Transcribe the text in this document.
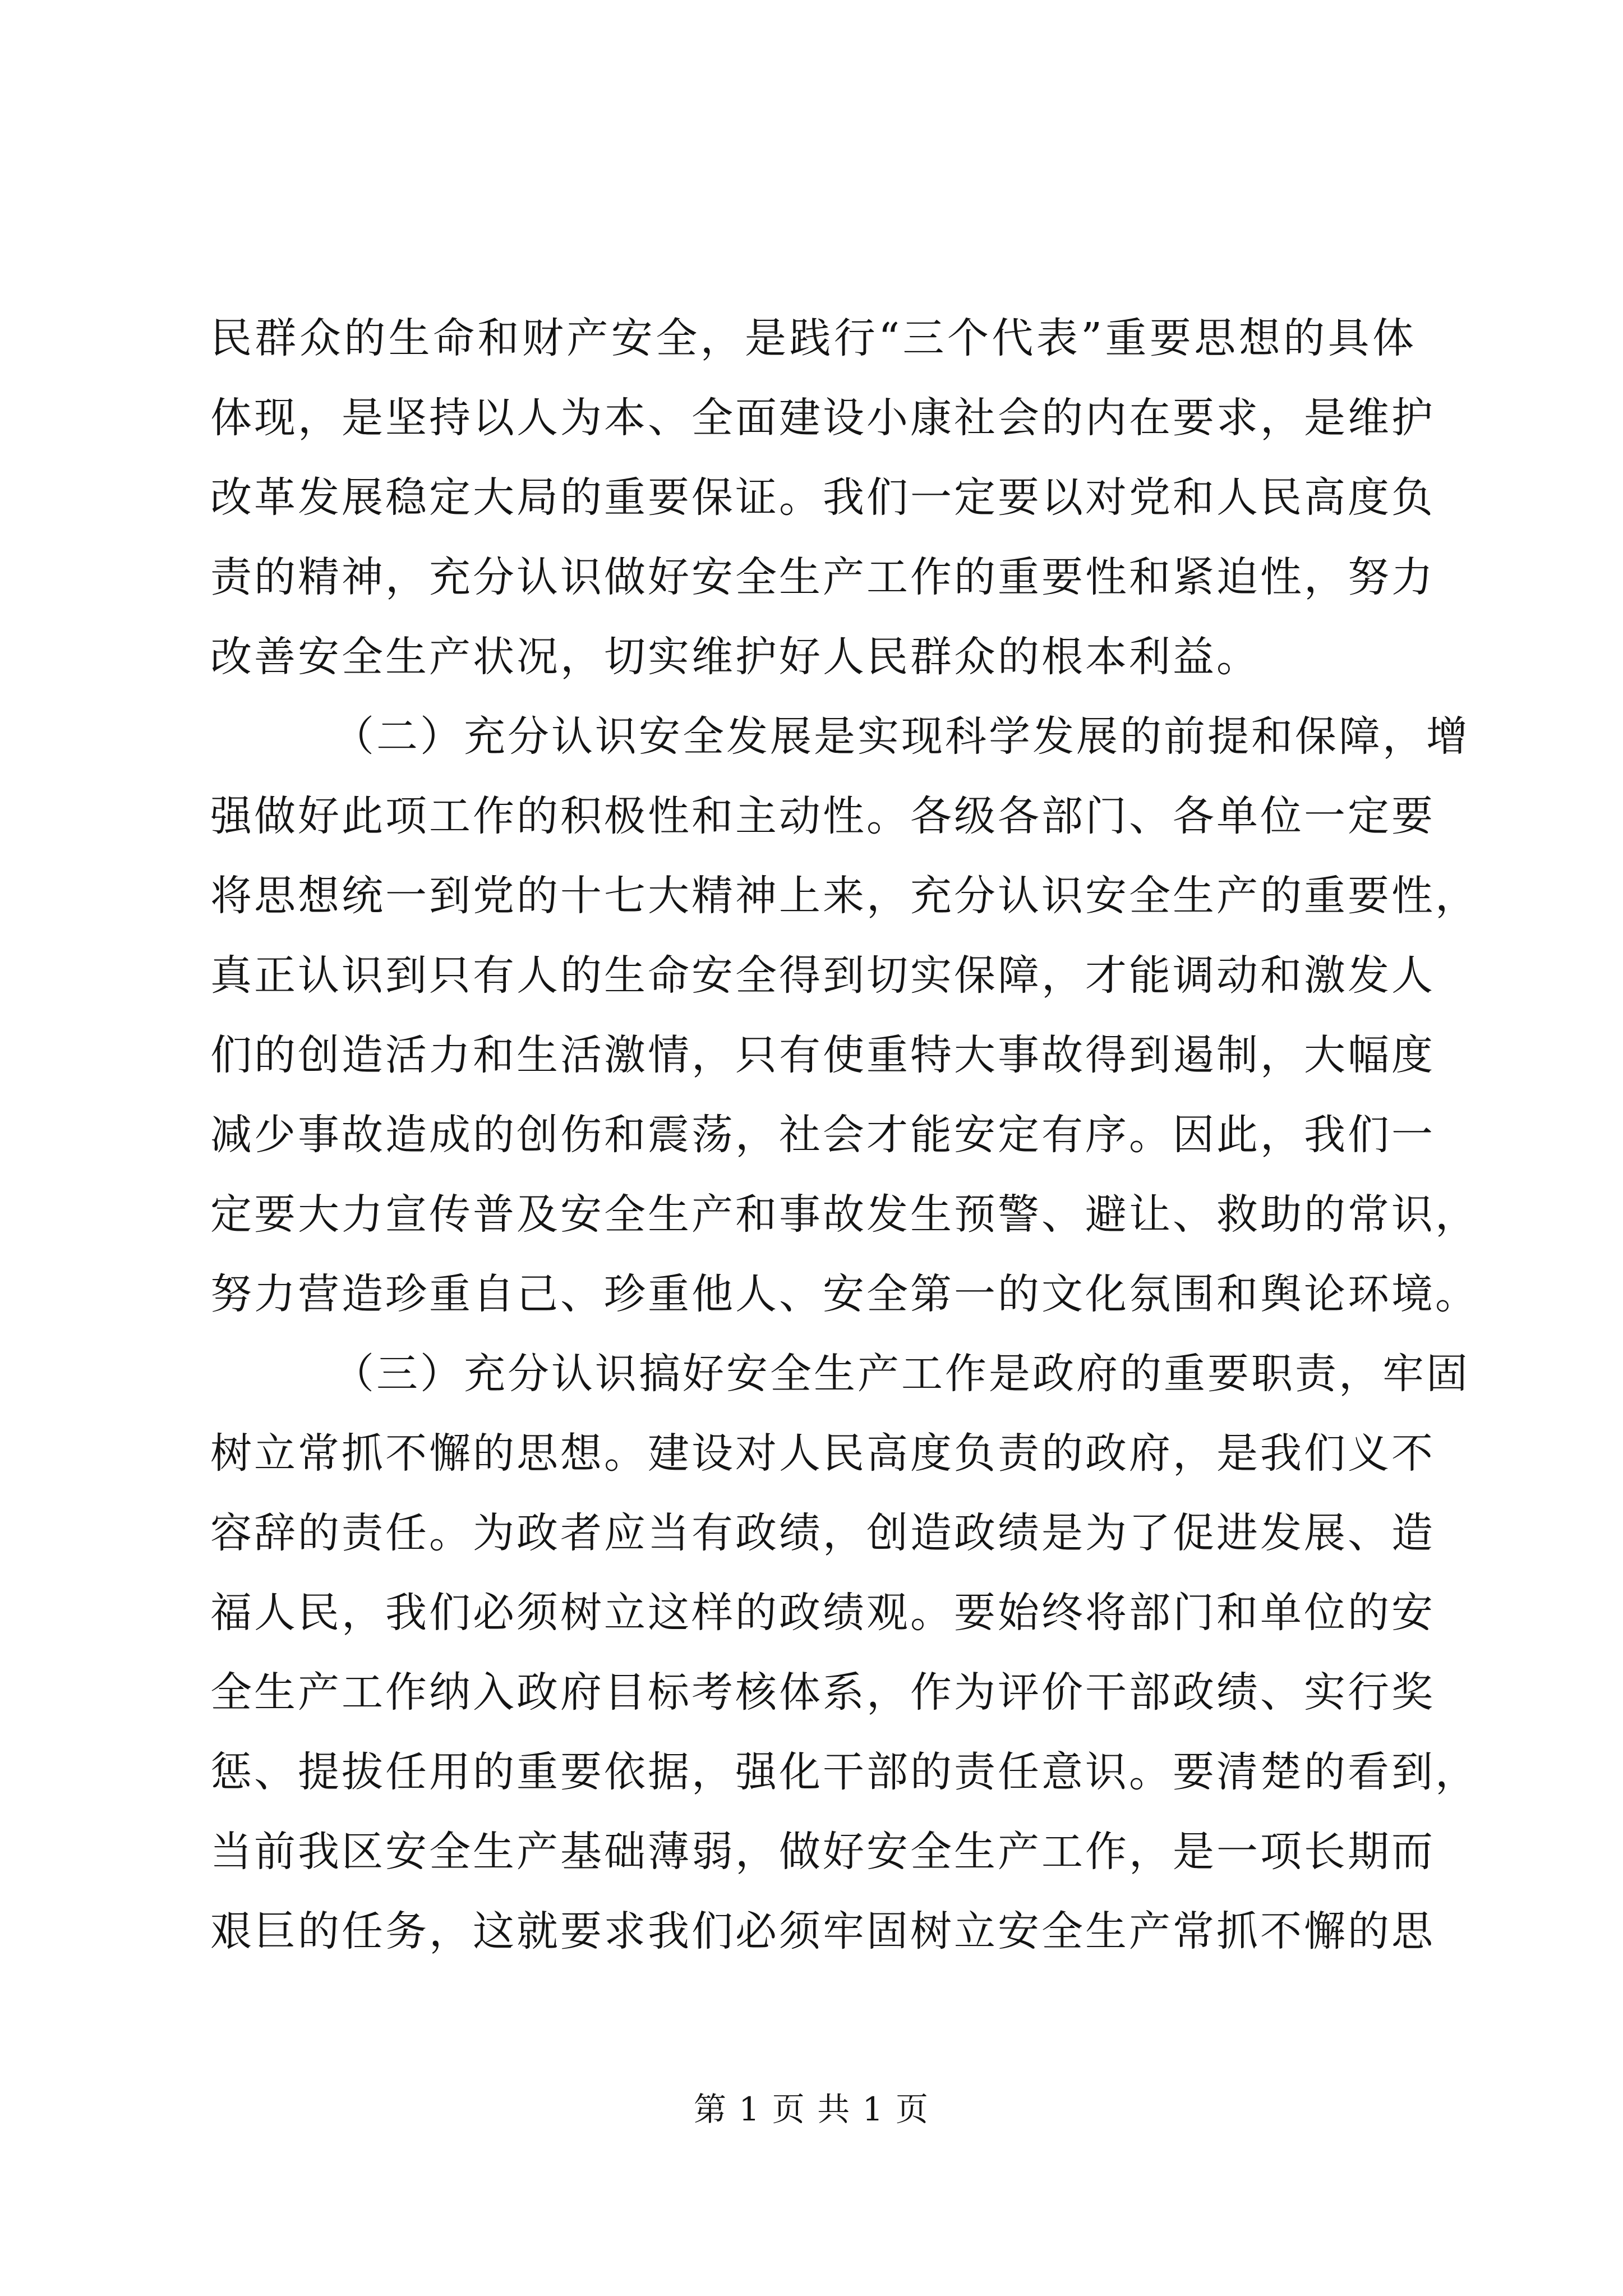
民群众的生命和财产安全，是践行“三个代表”重要思想的具体
体现，是坚持以人为本、全面建设小康社会的内在要求，是维护
改革发展稳定大局的重要保证。我们一定要以对党和人民高度负
责的精神，充分认识做好安全生产工作的重要性和紧迫性，努力
改善安全生产状况，切实维护好人民群众的根本利益。
（二）充分认识安全发展是实现科学发展的前提和保障，增
强做好此项工作的积极性和主动性。各级各部门、各单位一定要
将思想统一到党的十七大精神上来，充分认识安全生产的重要性，
真正认识到只有人的生命安全得到切实保障，才能调动和激发人
们的创造活力和生活激情，只有使重特大事故得到遏制，大幅度
减少事故造成的创伤和震荡，社会才能安定有序。因此，我们一
定要大力宣传普及安全生产和事故发生预警、避让、救助的常识，
努力营造珍重自己、珍重他人、安全第一的文化氛围和舆论环境。
（三）充分认识搞好安全生产工作是政府的重要职责，牢固
树立常抓不懈的思想。建设对人民高度负责的政府，是我们义不
容辞的责任。为政者应当有政绩，创造政绩是为了促进发展、造
福人民，我们必须树立这样的政绩观。要始终将部门和单位的安
全生产工作纳入政府目标考核体系，作为评价干部政绩、实行奖
惩、提拔任用的重要依据，强化干部的责任意识。要清楚的看到，
当前我区安全生产基础薄弱，做好安全生产工作，是一项长期而
艰巨的任务，这就要求我们必须牢固树立安全生产常抓不懈的思
第 1 页 共 1 页
